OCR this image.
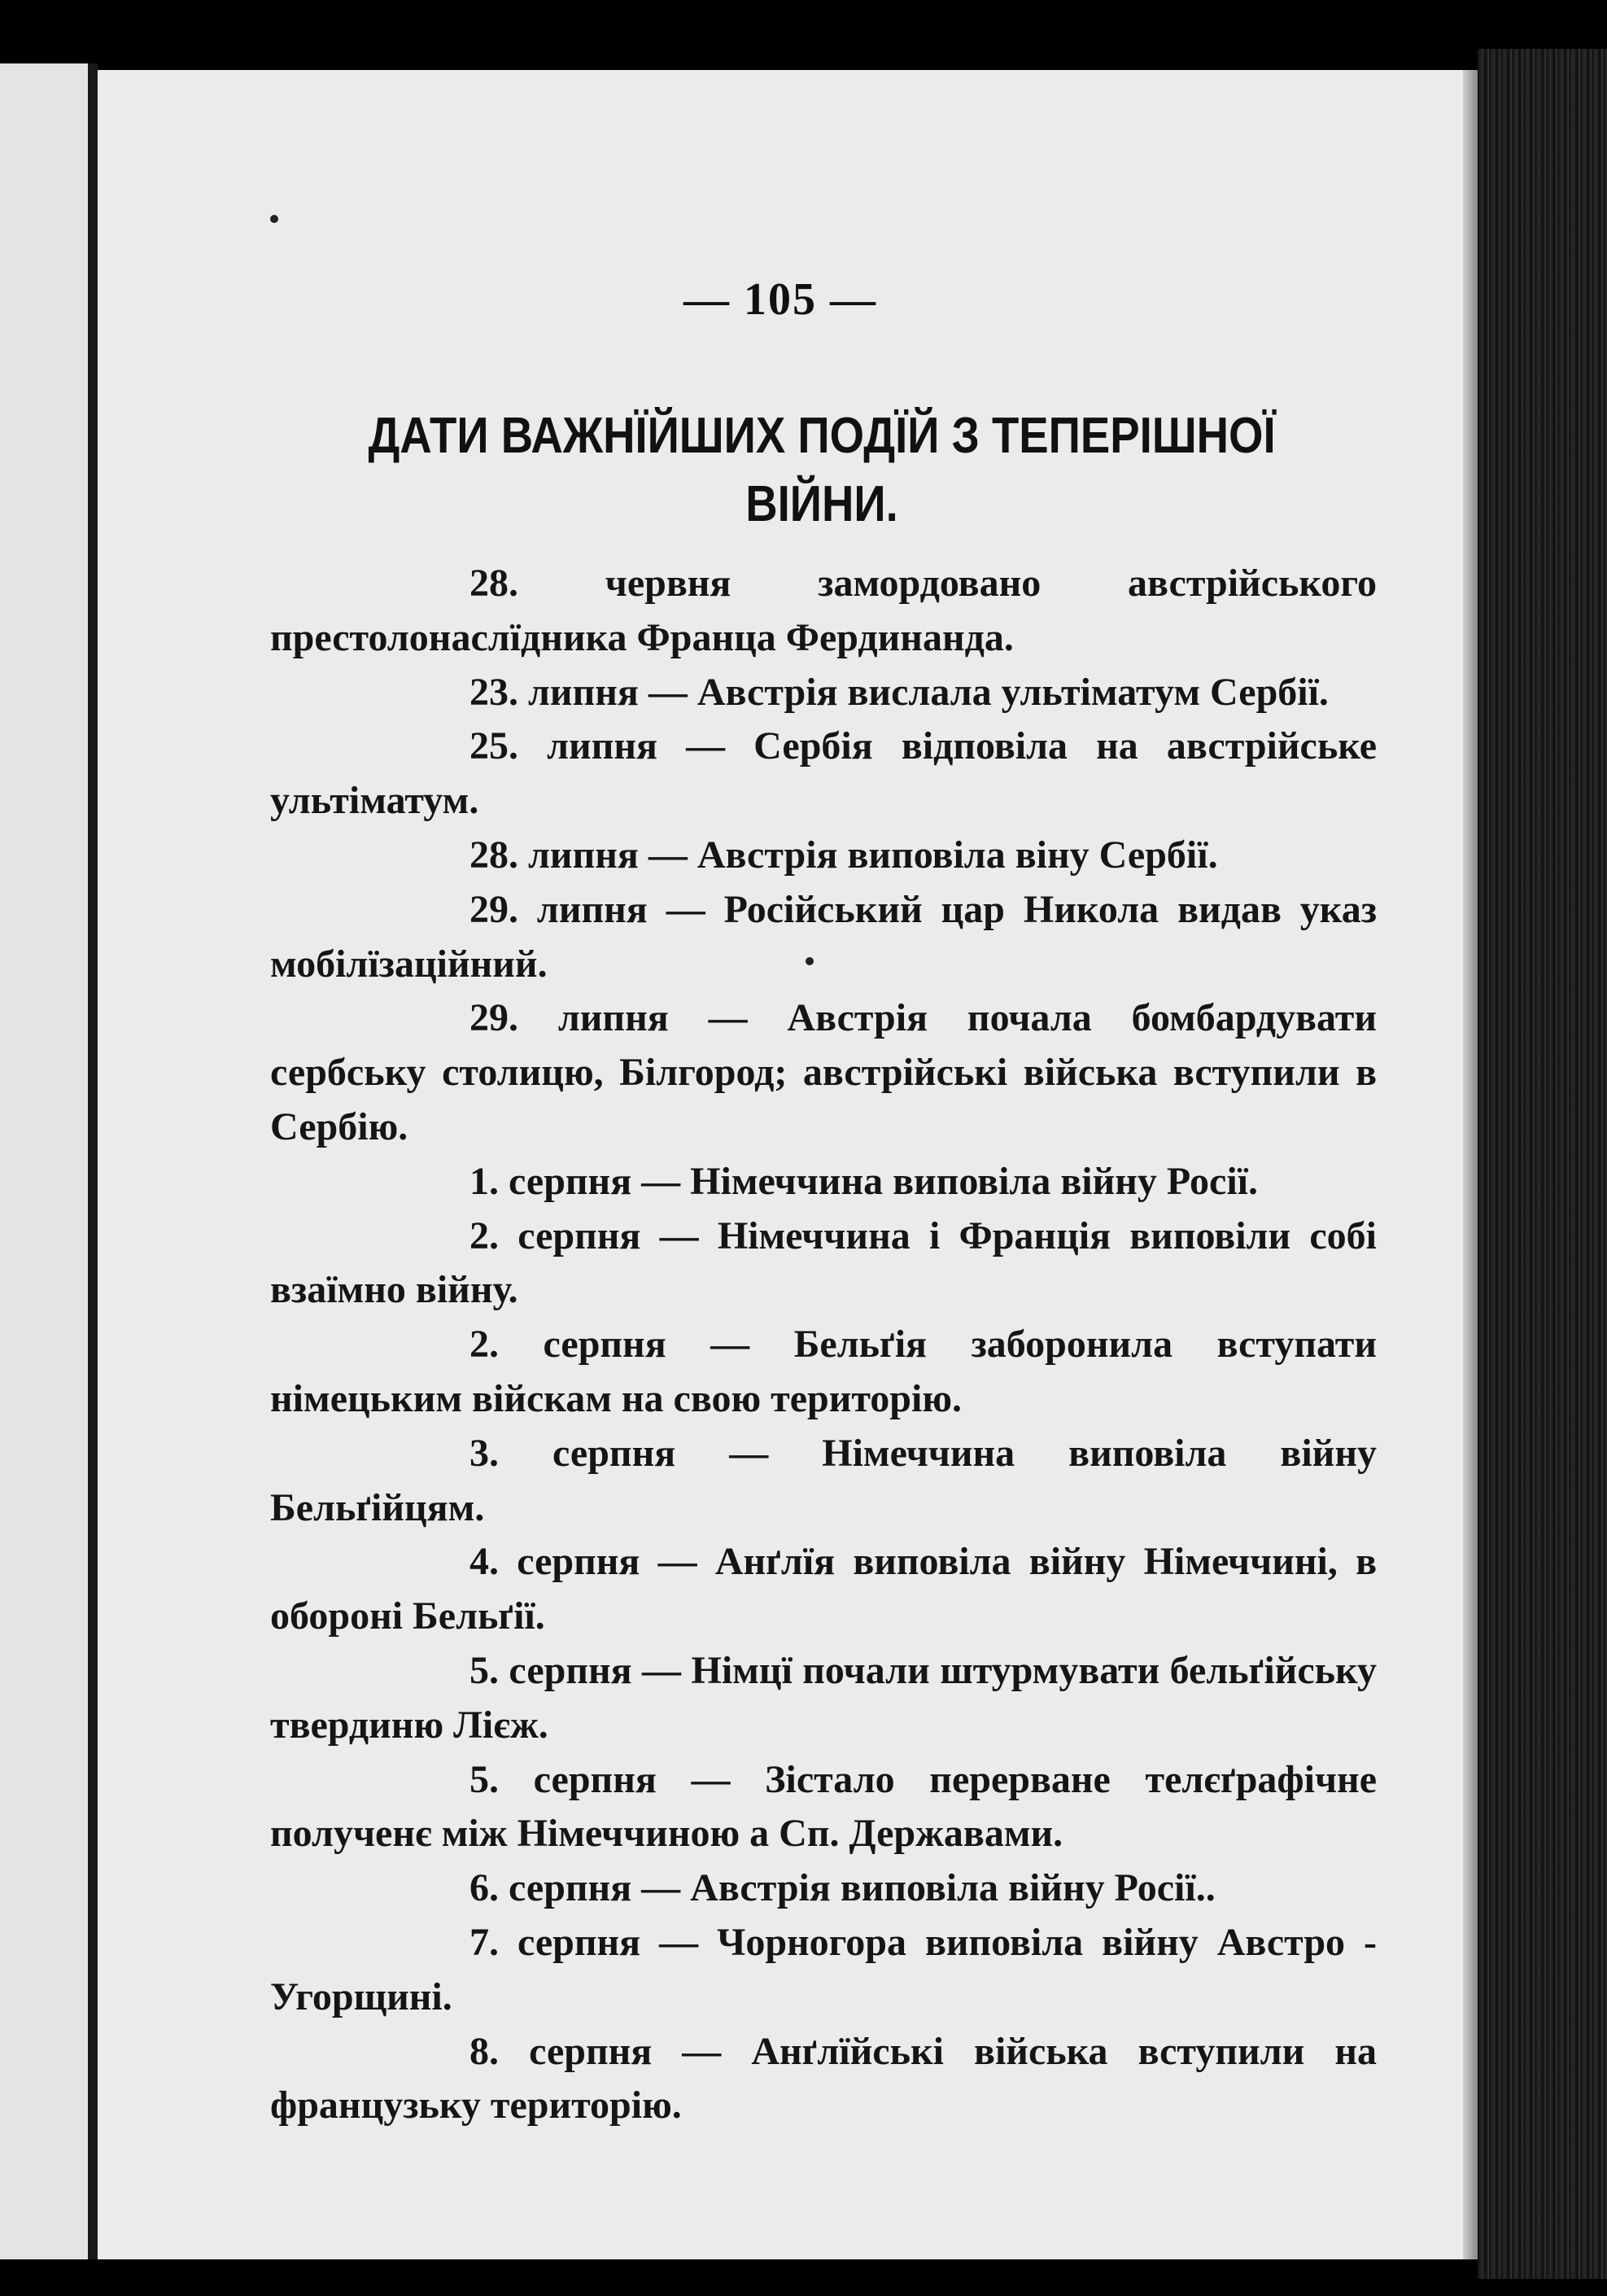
— 105 —
ДАТИ ВАЖНЇЙШИХ ПОДЇЙ З ТЕПЕРІШНОЇ
ВІЙНИ.

28. червня замордовано австрійського престолонаслїдника Франца Фердинанда.

23. липня — Австрія вислала ультіматум Сербії.

25. липня — Сербія відповіла на австрійське ультіматум.

28. липня — Австрія виповіла віну Сербії.

29. липня — Російський цар Никола видав указ мобілїзаційний.

29. липня — Австрія почала бомбардувати сербську столицю, Білгород; австрійські війська вступили в Сербію.

1. серпня — Німеччина виповіла війну Росії.

2. серпня — Німеччина і Франція виповіли собі взаїмно війну.

2. серпня — Бельґія заборонила вступати німецьким війскам на свою територію.

3. серпня — Німеччина виповіла війну Бельґійцям.

4. серпня — Анґлїя виповіла війну Німеччині, в обороні Бельґії.

5. серпня — Німцї почали штурмувати бельґійську твердиню Лієж.

5. серпня — Зістало перерване телєґрафічне полученє між Німеччиною а Сп. Державами.

6. серпня — Австрія виповіла війну Росії..

7. серпня — Чорногора виповіла війну Австро - Угорщині.

8. серпня — Анґлїйські війська вступили на французьку територію.
